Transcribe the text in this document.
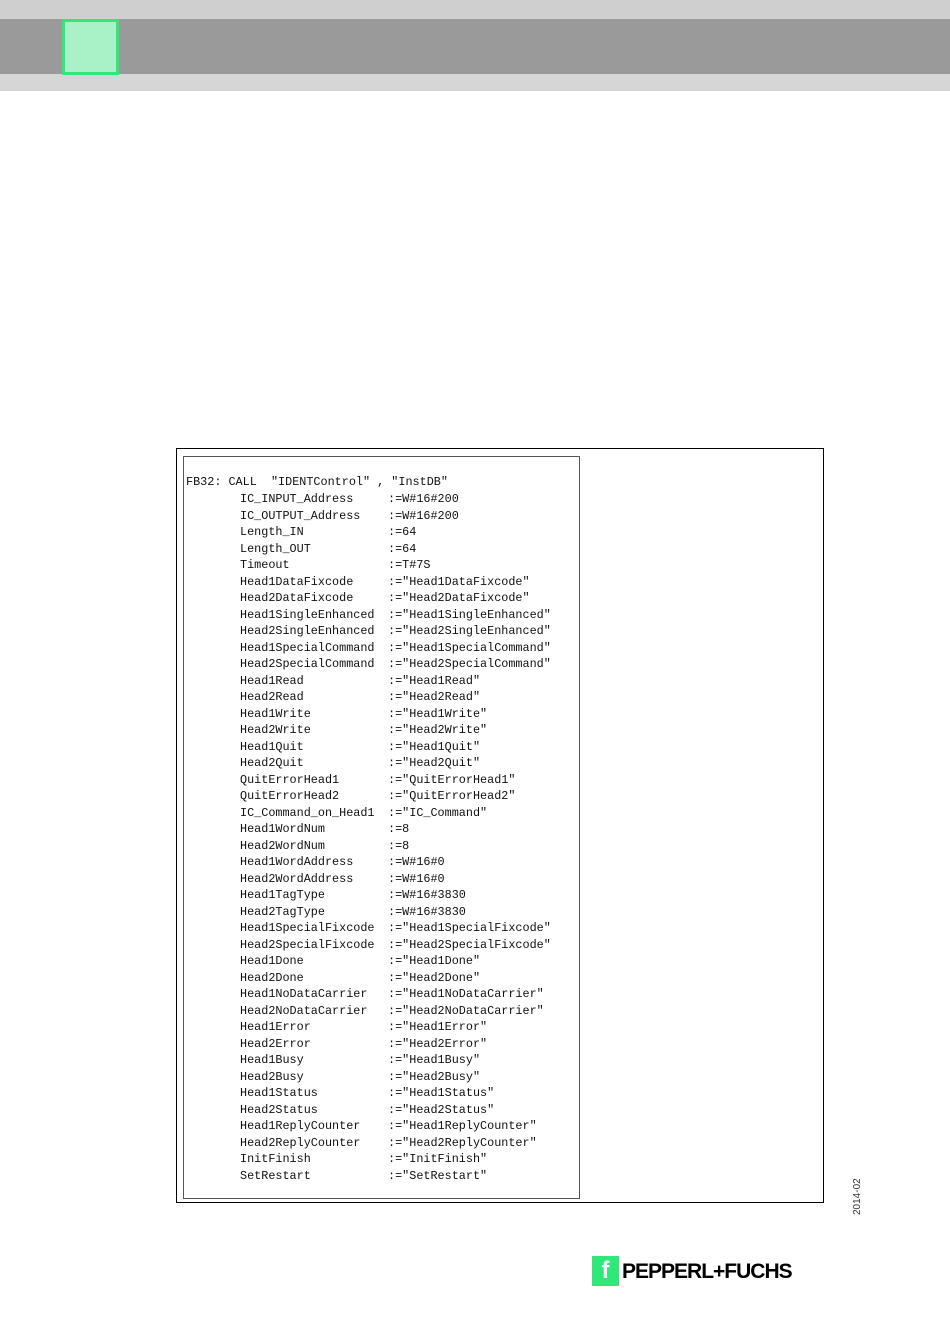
FB32: CALL  "IDENTControl" , "InstDB"
IC_INPUT_Address	:=W#16#200
IC_OUTPUT_Address :=W#16#200
Length_IN	:=64
Length_OUT	:=64
Timeout	:=T#7S
Head1DataFixcode	:="Head1DataFixcode"
Head2DataFixcode	:="Head2DataFixcode"
Head1SingleEnhanced :="Head1SingleEnhanced"
Head2SingleEnhanced :="Head2SingleEnhanced"
Head1SpecialCommand :="Head1SpecialCommand"
Head2SpecialCommand :="Head2SpecialCommand"
Head1Read	:="Head1Read"
Head2Read	:="Head2Read"
Head1Write	:="Head1Write"
Head2Write	:="Head2Write"
Head1Quit	:="Head1Quit"
Head2Quit	:="Head2Quit"
QuitErrorHead1	:="QuitErrorHead1"
QuitErrorHead2	:="QuitErrorHead2"
IC_Command_on_Head1 :="IC_Command"
Head1WordNum	:=8
Head2WordNum	:=8
Head1WordAddress	:=W#16#0
Head2WordAddress	:=W#16#0
Head1TagType	:=W#16#3830
Head2TagType	:=W#16#3830
Head1SpecialFixcode :="Head1SpecialFixcode"
Head2SpecialFixcode :="Head2SpecialFixcode"
Head1Done	:="Head1Done"
Head2Done	:="Head2Done"
Head1NoDataCarrier :="Head1NoDataCarrier"
Head2NoDataCarrier :="Head2NoDataCarrier"
Head1Error	:="Head1Error"
Head2Error	:="Head2Error"
Head1Busy	:="Head1Busy"
Head2Busy	:="Head2Busy"
Head1Status	:="Head1Status"
Head2Status	:="Head2Status"
Head1ReplyCounter :="Head1ReplyCounter"
Head2ReplyCounter :="Head2ReplyCounter"
InitFinish	:="InitFinish"
SetRestart	:="SetRestart"
2014-02
f PEPPERL+FUCHS
